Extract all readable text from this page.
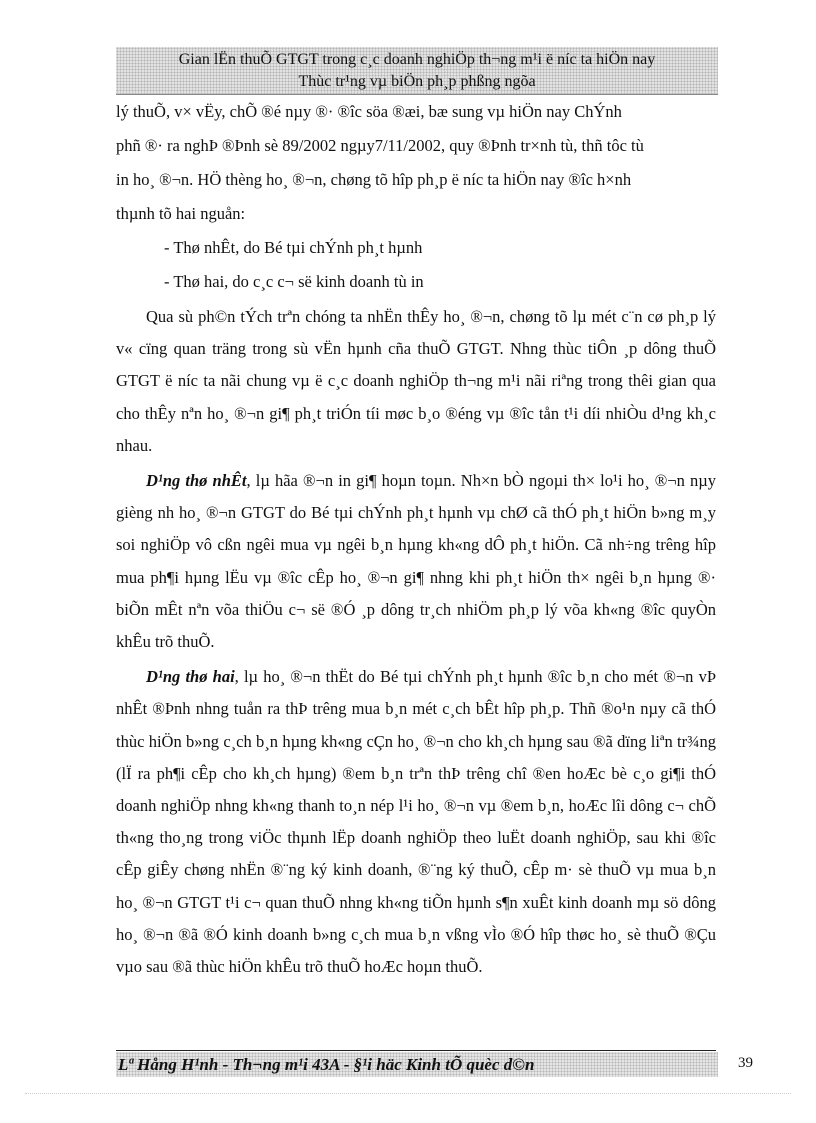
Gian lËn thuÕ GTGT trong c¸c doanh nghiÖp th¬ng m¹i ë níc ta hiÖn nay
Thùc tr¹ng vµ biÖn ph¸p phßng ngõa
lý thuÕ, v× vËy, chÕ ®é nµy ®· ®îc söa ®æi, bæ sung vµ hiÖn nay ChÝnh
phñ ®· ra nghÞ ®Þnh sè 89/2002 ngµy7/11/2002, quy ®Þnh tr×nh tù, thñ tôc tù
in ho¸ ®¬n. HÖ thèng ho¸ ®¬n, chøng tõ hîp ph¸p ë níc ta hiÖn nay ®îc h×nh
thµnh tõ hai nguån:
- Thø nhÊt, do Bé tµi chÝnh ph¸t hµnh
- Thø hai, do c¸c c¬ së kinh doanh tù in

Qua sù ph©n tÝch trªn chóng ta nhËn thÊy ho¸ ®¬n, chøng tõ lµ mét c¨n cø ph¸p lý v« cïng quan träng trong sù vËn hµnh cña thuÕ GTGT. Nhng thùc tiÔn ¸p dông thuÕ GTGT ë níc ta nãi chung vµ ë c¸c doanh nghiÖp th¬ng m¹i nãi riªng trong thêi gian qua cho thÊy nªn ho¸ ®¬n gi¶ ph¸t triÓn tíi møc b¸o ®éng vµ ®îc tån t¹i díi nhiÒu d¹ng kh¸c nhau.

D¹ng thø nhÊt, lµ hãa ®¬n in gi¶ hoµn toµn. Nh×n bÒ ngoµi th× lo¹i ho¸ ®¬n nµy gièng nh ho¸ ®¬n GTGT do Bé tµi chÝnh ph¸t hµnh vµ chØ cã thÓ ph¸t hiÖn b»ng m¸y soi nghiÖp vô cßn ngêi mua vµ ngêi b¸n hµng kh«ng dÔ ph¸t hiÖn. Cã nh÷ng trêng hîp mua ph¶i hµng lËu vµ ®îc cÊp ho¸ ®¬n gi¶ nhng khi ph¸t hiÖn th× ngêi b¸n hµng ®· biÕn mÊt nªn võa thiÖu c¬ së ®Ó ¸p dông tr¸ch nhiÖm ph¸p lý võa kh«ng ®îc quyÒn khÊu trõ thuÕ.

D¹ng thø hai, lµ ho¸ ®¬n thËt do Bé tµi chÝnh ph¸t hµnh ®îc b¸n cho mét ®¬n vÞ nhÊt ®Þnh nhng tuån ra thÞ trêng mua b¸n mét c¸ch bÊt hîp ph¸p. Thñ ®o¹n nµy cã thÓ thùc hiÖn b»ng c¸ch b¸n hµng kh«ng cÇn ho¸ ®¬n cho kh¸ch hµng sau ®ã dïng liªn tr¾ng (lÏ ra ph¶i cÊp cho kh¸ch hµng) ®em b¸n trªn thÞ trêng chî ®en hoÆc bè c¸o gi¶i thÓ doanh nghiÖp nhng kh«ng thanh to¸n nép l¹i ho¸ ®¬n vµ ®em b¸n, hoÆc lîi dông c¬ chÕ th«ng tho¸ng trong viÖc thµnh lËp doanh nghiÖp theo luËt doanh nghiÖp, sau khi ®îc cÊp giÊy chøng nhËn ®¨ng ký kinh doanh, ®¨ng ký thuÕ, cÊp m· sè thuÕ vµ mua b¸n ho¸ ®¬n GTGT t¹i c¬ quan thuÕ nhng kh«ng tiÕn hµnh s¶n xuÊt kinh doanh mµ sö dông ho¸ ®¬n ®ã ®Ó kinh doanh b»ng c¸ch mua b¸n vßng vÌo ®Ó hîp thøc ho¸ sè thuÕ ®Çu vµo sau ®ã thùc hiÖn khÊu trõ thuÕ hoÆc hoµn thuÕ.

Lª Hång H¹nh - Th¬ng m¹i 43A - §¹i häc Kinh tÕ quèc d©n	39
